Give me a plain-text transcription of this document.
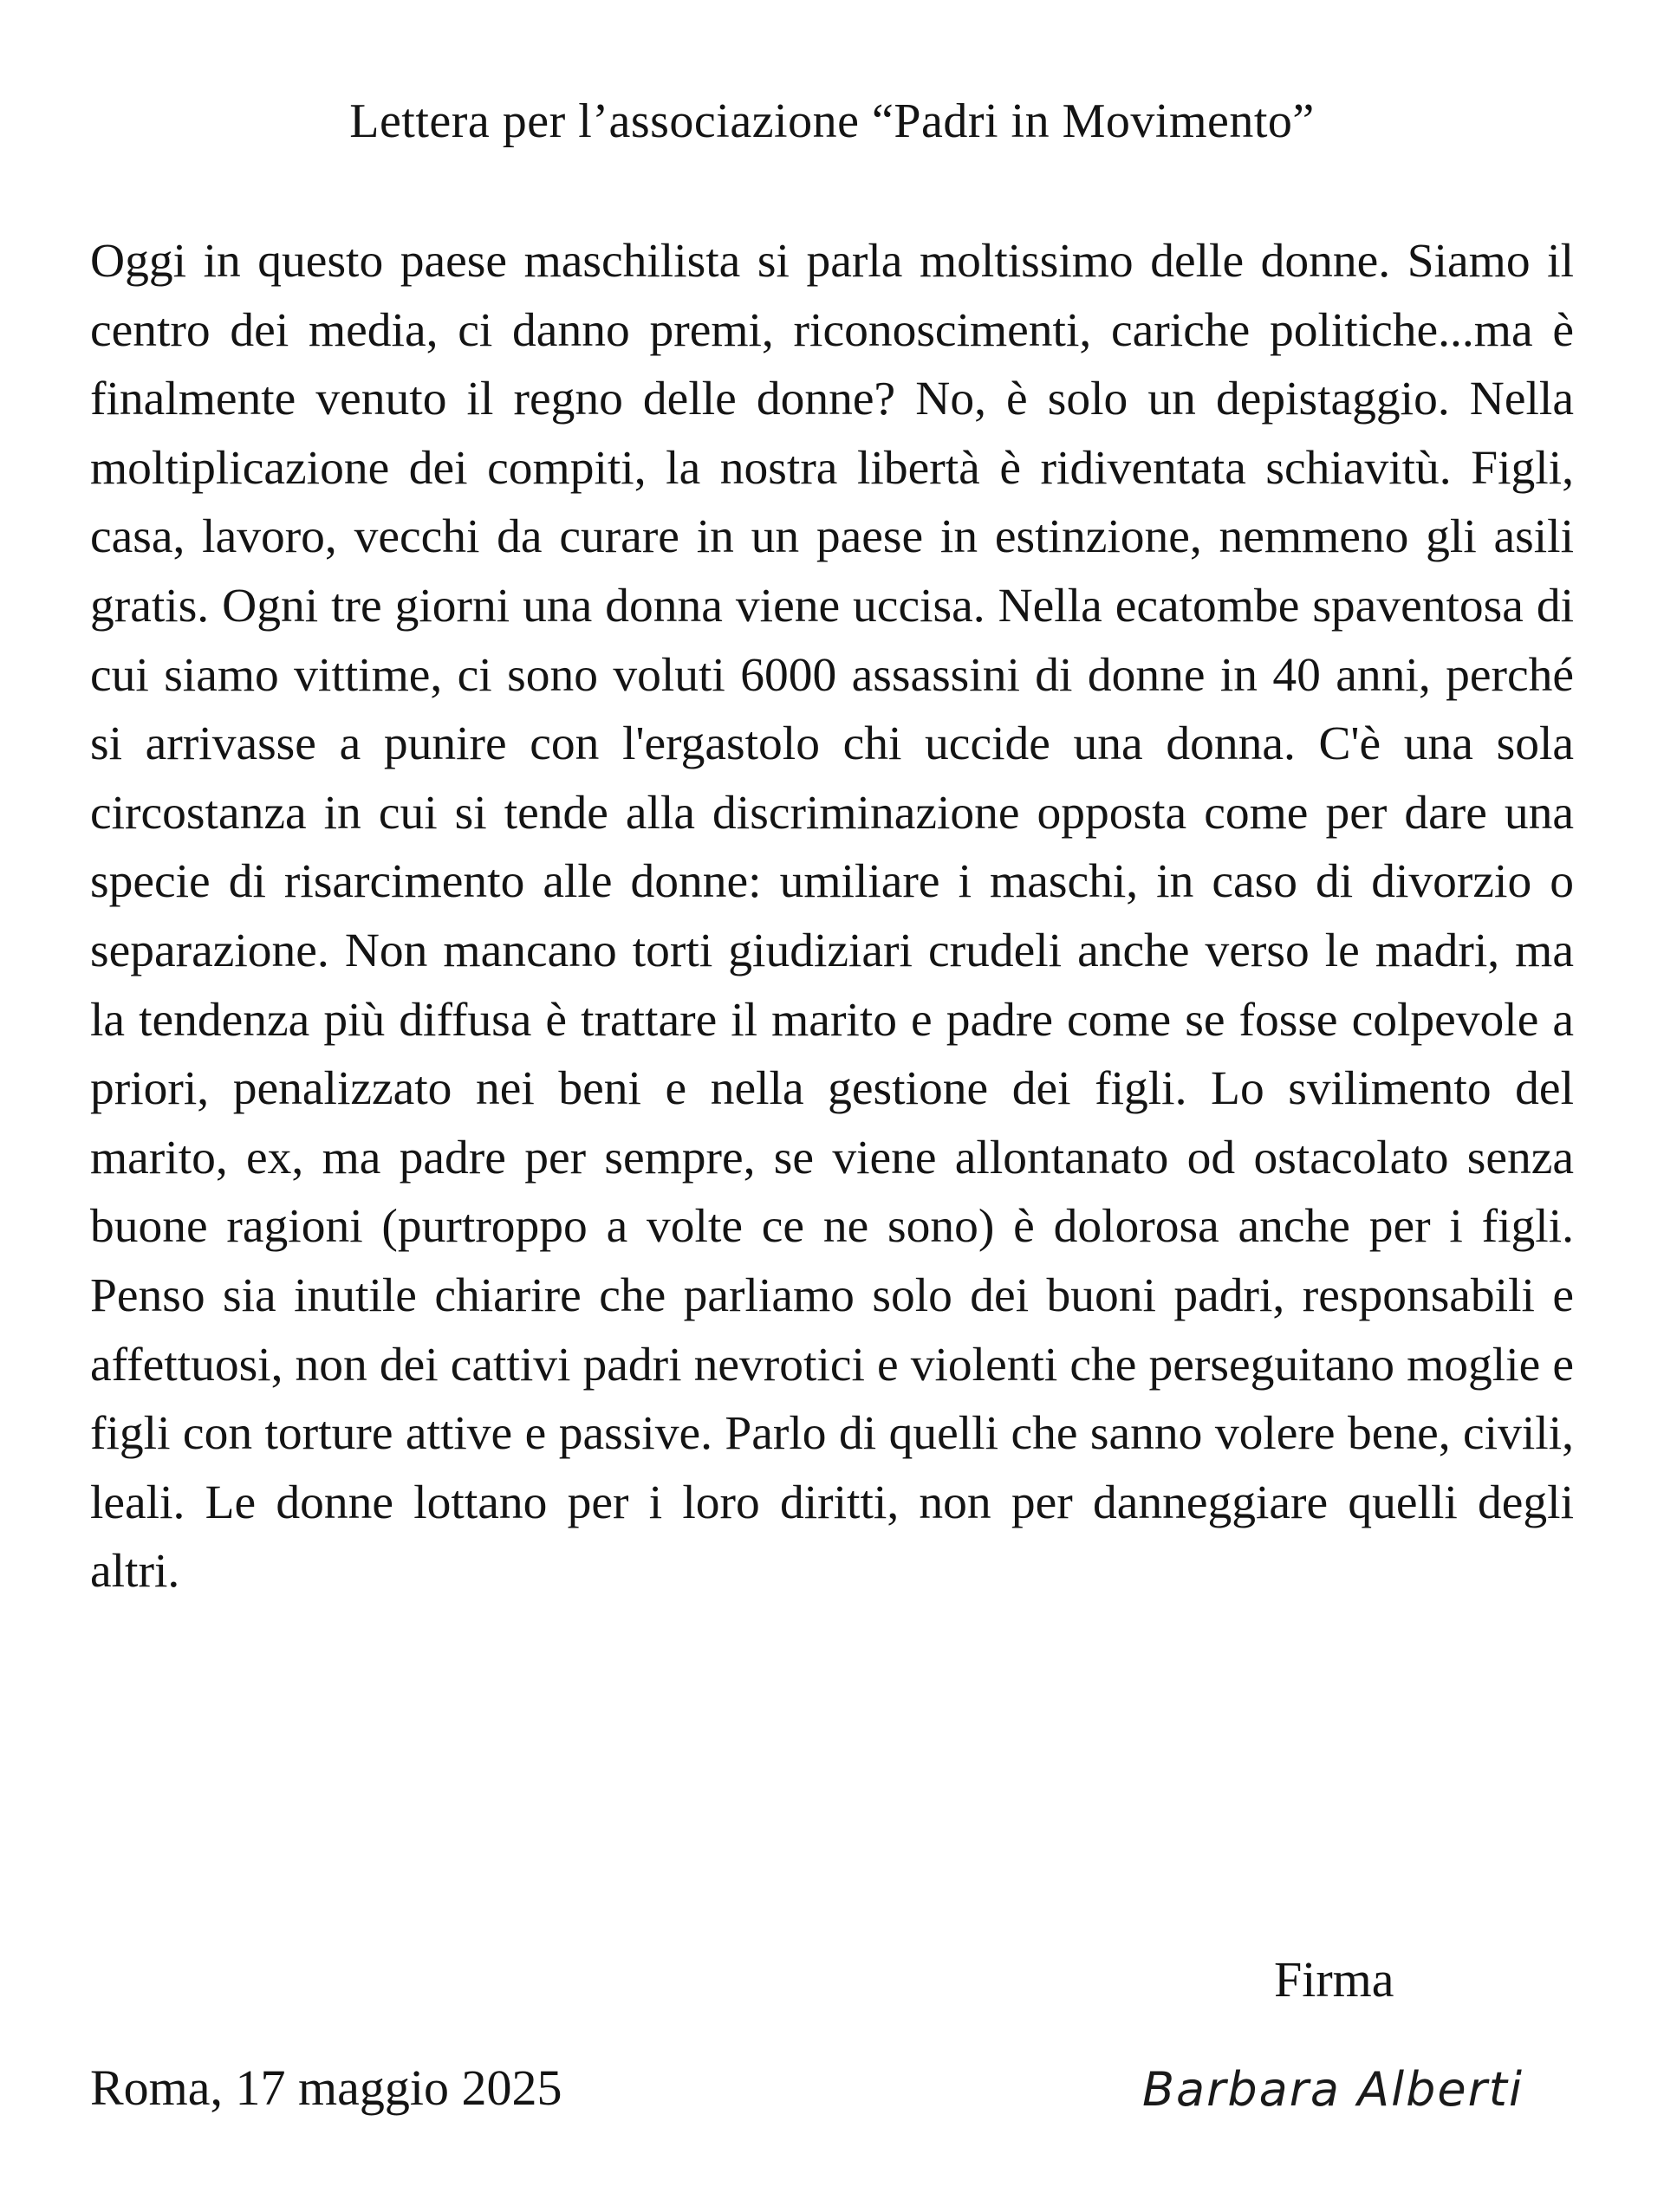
Lettera per l’associazione “Padri in Movimento”

Oggi in questo paese maschilista si parla moltissimo delle donne. Siamo il centro dei media, ci danno premi, riconoscimenti, cariche politiche...ma è finalmente venuto il regno delle donne? No, è solo un depistaggio. Nella moltiplicazione dei compiti, la nostra libertà è ridiventata schiavitù. Figli, casa, lavoro, vecchi da curare in un paese in estinzione, nemmeno gli asili gratis. Ogni tre giorni una donna viene uccisa. Nella ecatombe spaventosa di cui siamo vittime, ci sono voluti 6000 assassini di donne in 40 anni, perché si arrivasse a punire con l'ergastolo chi uccide una donna. C'è una sola circostanza in cui si tende alla discriminazione opposta come per dare una specie di risarcimento alle donne: umiliare i maschi, in caso di divorzio o separazione. Non mancano torti giudiziari crudeli anche verso le madri, ma la tendenza più diffusa è trattare il marito e padre come se fosse colpevole a priori, penalizzato nei beni e nella gestione dei figli. Lo svilimento del marito, ex, ma padre per sempre, se viene allontanato od ostacolato senza buone ragioni (purtroppo a volte ce ne sono) è dolorosa anche per i figli. Penso sia inutile chiarire che parliamo solo dei buoni padri, responsabili e affettuosi, non dei cattivi padri nevrotici e violenti che perseguitano moglie e figli con torture attive e passive. Parlo di quelli che sanno volere bene, civili, leali. Le donne lottano per i loro diritti, non per danneggiare quelli degli altri.

Firma
Roma, 17 maggio 2025	Barbara Alberti
